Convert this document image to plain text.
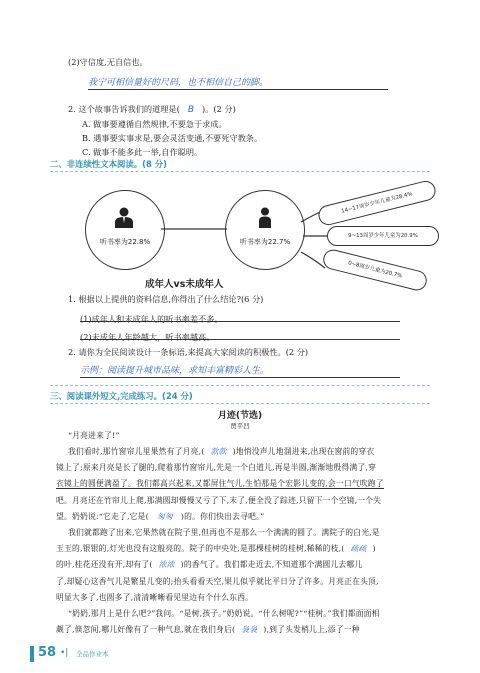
(2)守信度,无自信也。
我宁可相信量好的尺码，也不相信自己的脚。
2. 这个故事告诉我们的道理是( B )。(2 分)
A. 做事要遵循自然规律,不要急于求成。
B. 遇事要实事求是,要会灵活变通,不要死守教条。
C. 做事不能多此一举,自作聪明。
二、非连续性文本阅读。(8 分)
听书率为22.8%	听书率为22.7%
14~17周岁少年儿童为28.4%
9~13周岁少年儿童为20.9%
0~8周岁儿童为20.7%
成年人vs未成年人
1. 根据以上提供的资料信息,你得出了什么结论?(6 分)
(1)成年人和未成年人的听书率差不多。
(2)未成年人年龄越大，听书率越高。
2. 请你为全民阅读设计一条标语,来提高大家阅读的积极性。(2 分)
示例：阅读提升城市品味，求知丰富精彩人生。
三、阅读课外短文,完成练习。(24 分)
月迹(节选)
贾平凹
“月亮进来了!”
我们看时,那竹窗帘儿里果然有了月亮,( 款款 )地悄没声儿地溜进来,出现在窗前的穿衣
镜上了;原来月亮是长了腿的,爬着那竹窗帘儿,先是一个白道儿,再是半圆,渐渐地殷得满了,穿
衣镜上的圆便满盈了。我们都高兴起来,又都屏住气儿,生怕那是个宏影儿变的,会一口气吹跑了
吧。月亮还在竹帘儿上爬,那满圆却慢慢又亏了下,末了,便全没了踪迹,只留下一个空镜,一个失
望。奶奶说:“它走了,它是( 匆匆 )的。你们快出去寻吧。”
我们就都跑了出来,它果然就在院子里,但再也不是那么一个满满的圆了。满院子的白光,是
玉玉的,银银的,灯光也没有这般亮的。院子的中央处,是那棵桂树的桂树,稀稀的枝,( 疏疏 )
的叶,桂花还没有开,却有了( 浓浓 )的香气了。我们都走近去,不知道那个满圆儿去哪儿
了,却疑心这香气儿是繁星儿变的;抬头看看天空,果儿似乎就比平日分了许多。月亮正在头顶,
明显大多了,也圆多了,清清晰晰看见里边有个什么东西。
“奶奶,那月上是什么吧?”我问。“是树,孩子。”奶奶说。“什么树呢?”“桂树。”我们都面面相
觑了,倏忽间,哪儿好像有了一种气息,就在我们身后( 袅袅 ),到了头发梢儿上,添了一种
58 •| 全品作业本
